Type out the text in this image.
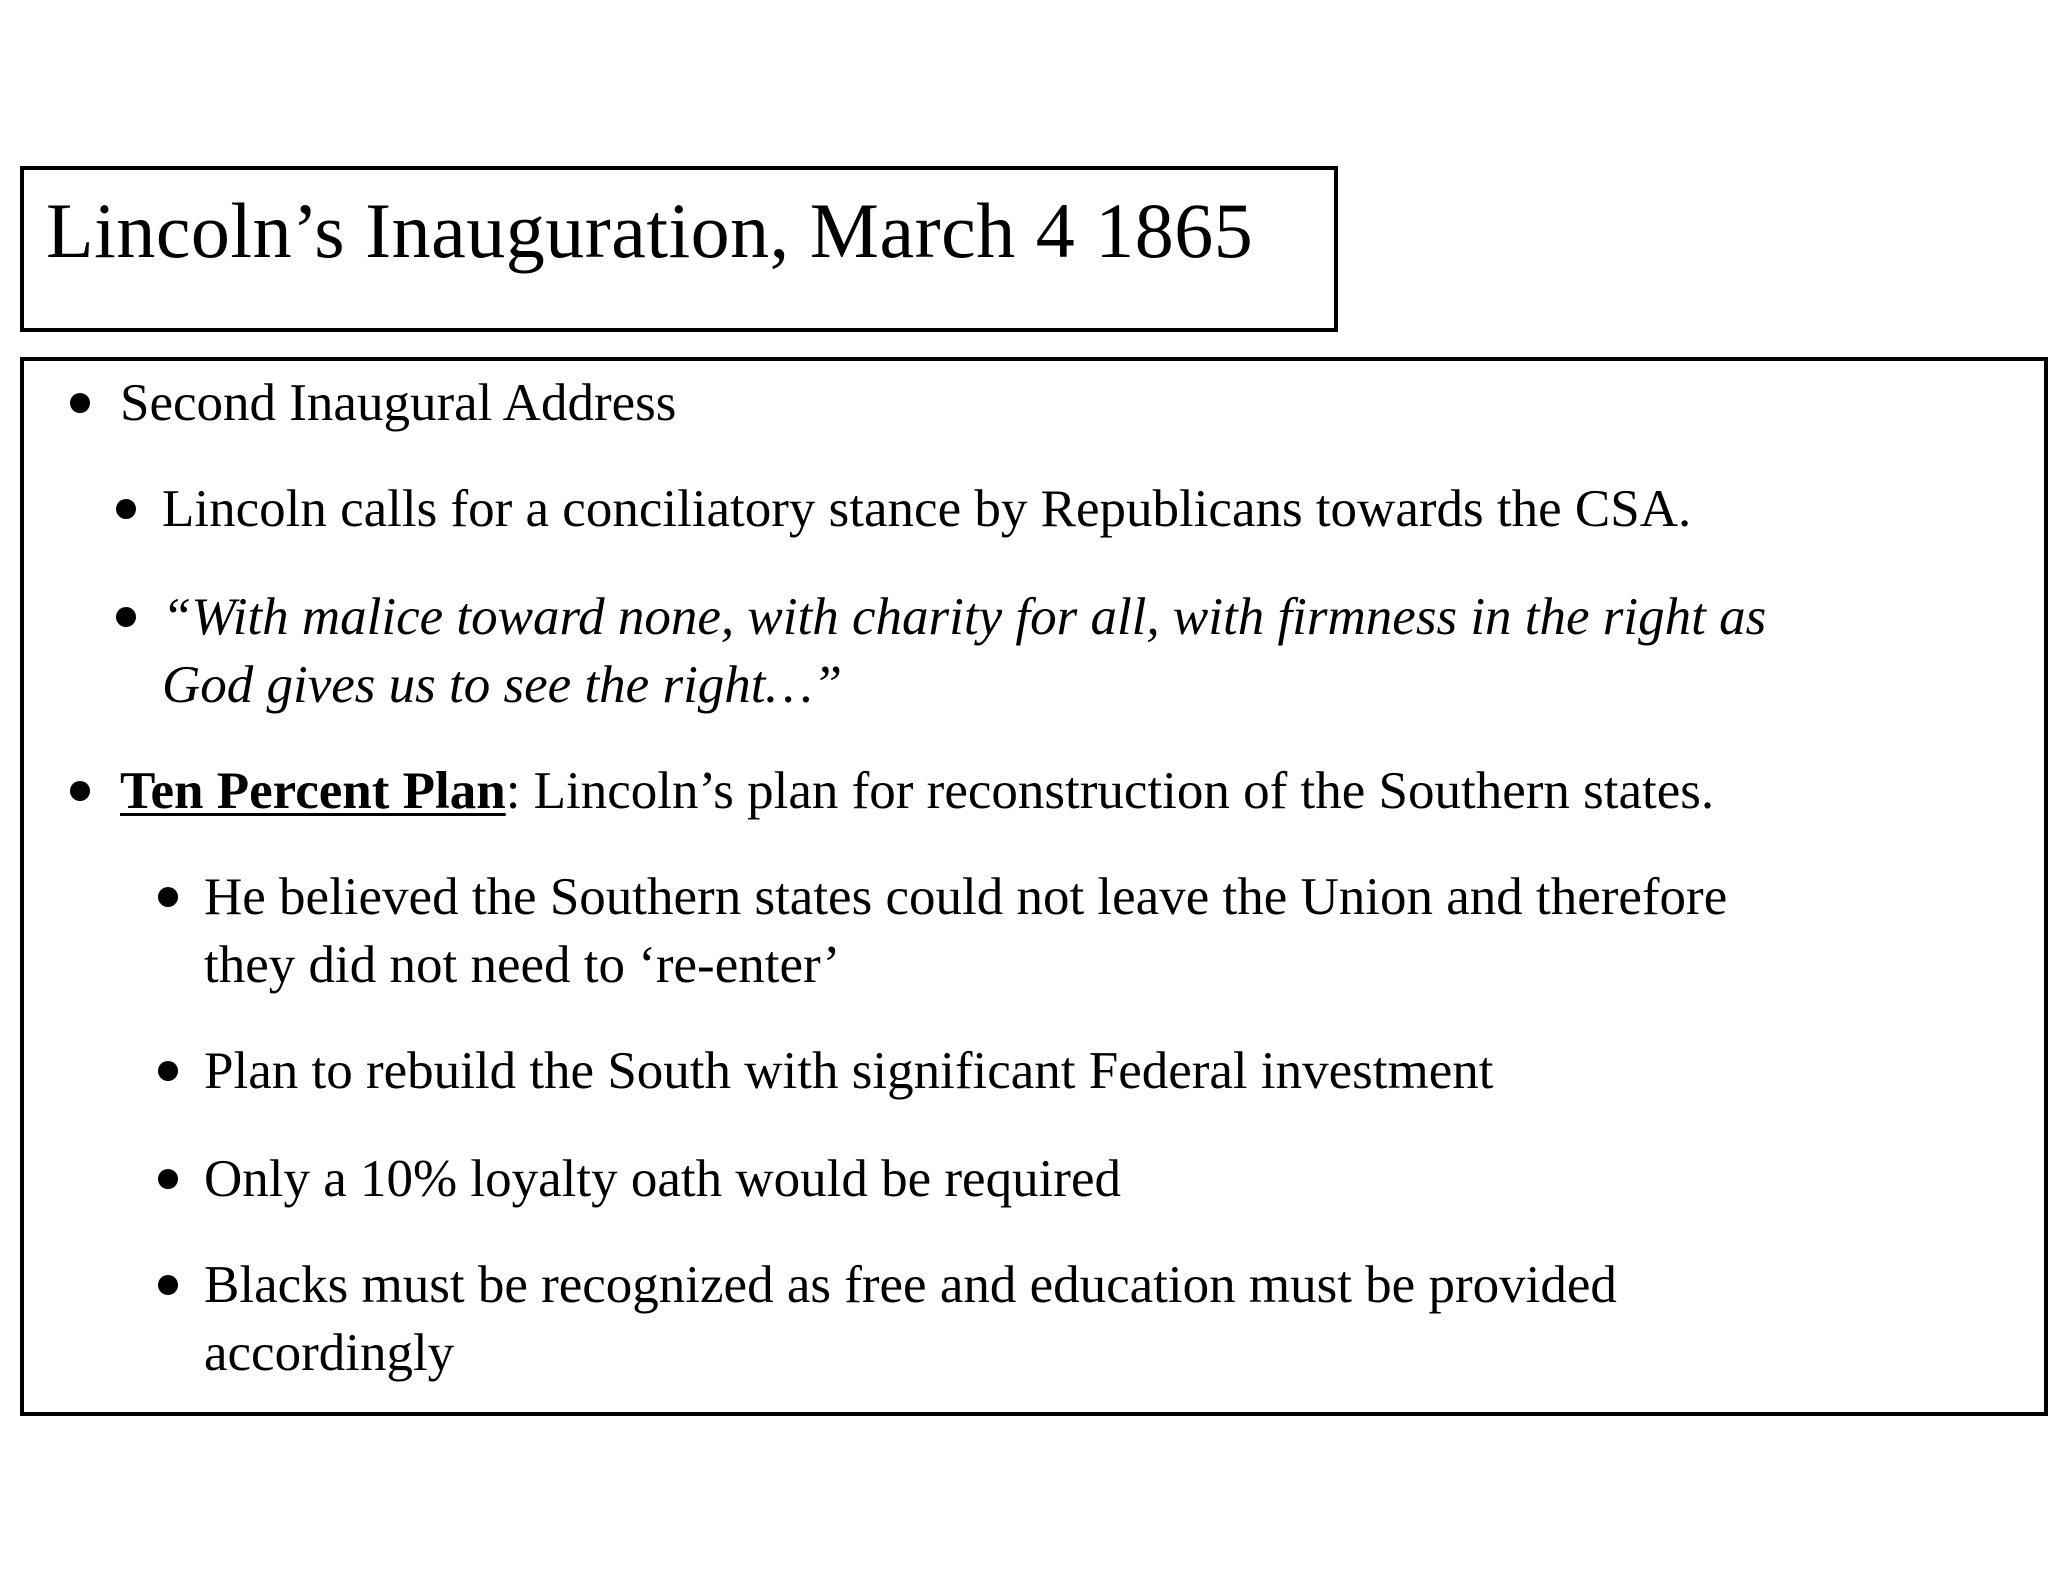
Lincoln’s Inauguration, March 4 1865
Second Inaugural Address
Lincoln calls for a conciliatory stance by Republicans towards the CSA.
“With malice toward none, with charity for all, with firmness in the right as
God gives us to see the right…”
Ten Percent Plan: Lincoln’s plan for reconstruction of the Southern states.
He believed the Southern states could not leave the Union and therefore
they did not need to ‘re-enter’
Plan to rebuild the South with significant Federal investment
Only a 10% loyalty oath would be required
Blacks must be recognized as free and education must be provided
accordingly
